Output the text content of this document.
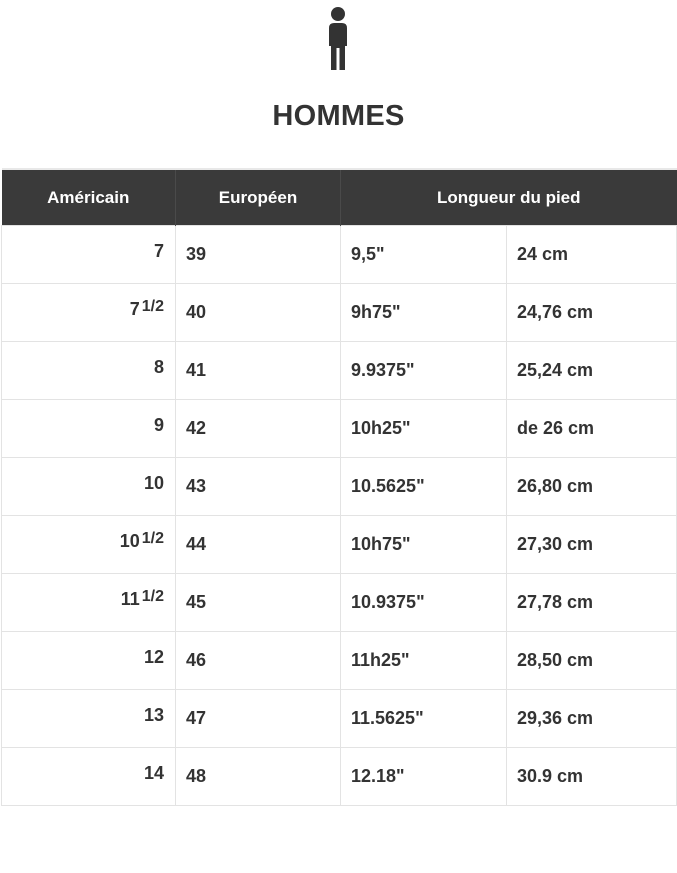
HOMMES
Américain	Européen	Longueur du pied	
7	39	9,5"	24 cm
7 1/2	40	9h75"	24,76 cm
8	41	9.9375"	25,24 cm
9	42	10h25"	de 26 cm
10	43	10.5625"	26,80 cm
10 1/2	44	10h75"	27,30 cm
11 1/2	45	10.9375"	27,78 cm
12	46	11h25"	28,50 cm
13	47	11.5625"	29,36 cm
14	48	12.18"	30.9 cm
